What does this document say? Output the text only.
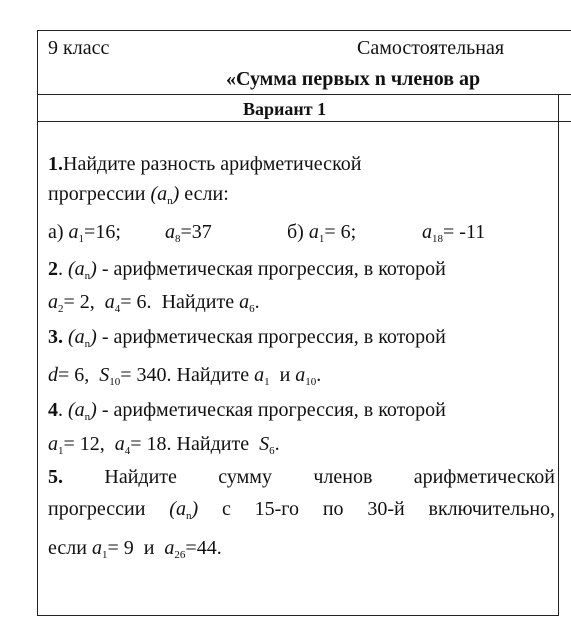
9 класс	Самостоятельная
«Сумма первых n членов ар
Вариант 1
1.Найдите разность арифметической
прогрессии $(a_n)$ если:
а) $a_1=16$; $a_8=37$	б) $a_1= 6$;	$a_{18}= -11$
2. $(a_n)$ - арифметическая прогрессия, в которой
$a_2= 2$, $a_4= 6$. Найдите $a_6$.
3. $(a_n)$ - арифметическая прогрессия, в которой
d= 6, $S_{10}= 340$. Найдите $a_1$ и $a_{10}$.
4. $(a_n)$ - арифметическая прогрессия, в которой
$a_1= 12$, $a_4= 18$. Найдите $S_6$.
5. Найдите сумму членов арифметической
прогрессии $(a_n)$ с 15-го по 30-й включительно,
если $a_1= 9$ и $a_{26}=44$.
